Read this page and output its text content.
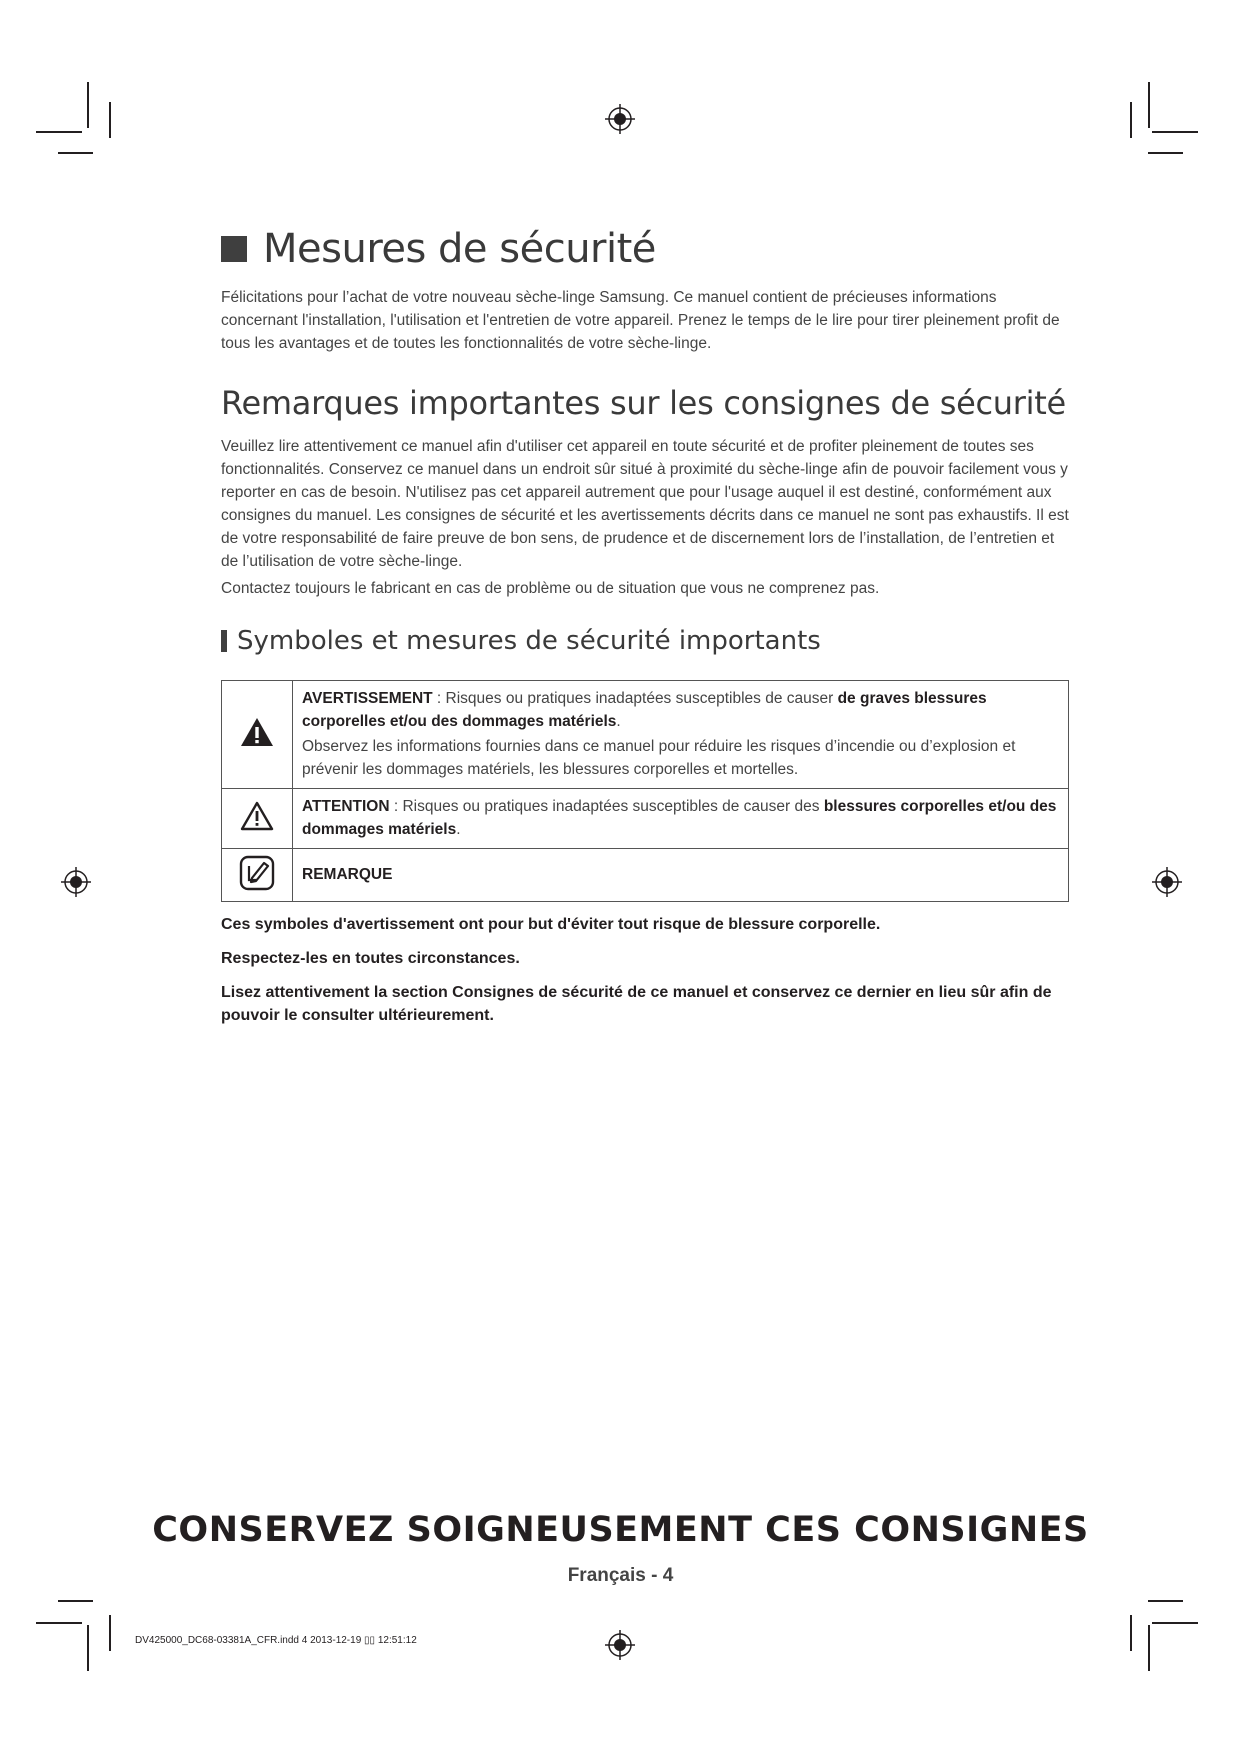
Mesures de sécurité

Félicitations pour l’achat de votre nouveau sèche-linge Samsung. Ce manuel contient de précieuses informations concernant l'installation, l'utilisation et l'entretien de votre appareil. Prenez le temps de le lire pour tirer pleinement profit de tous les avantages et de toutes les fonctionnalités de votre sèche-linge.

Remarques importantes sur les consignes de sécurité

Veuillez lire attentivement ce manuel afin d'utiliser cet appareil en toute sécurité et de profiter pleinement de toutes ses fonctionnalités. Conservez ce manuel dans un endroit sûr situé à proximité du sèche-linge afin de pouvoir facilement vous y reporter en cas de besoin. N'utilisez pas cet appareil autrement que pour l'usage auquel il est destiné, conformément aux consignes du manuel. Les consignes de sécurité et les avertissements décrits dans ce manuel ne sont pas exhaustifs. Il est de votre responsabilité de faire preuve de bon sens, de prudence et de discernement lors de l’installation, de l’entretien et de l’utilisation de votre sèche-linge.

Contactez toujours le fabricant en cas de problème ou de situation que vous ne comprenez pas.

Symboles et mesures de sécurité importants
	AVERTISSEMENT : Risques ou pratiques inadaptées susceptibles de causer de graves blessures corporelles et/ou des dommages matériels.
Observez les informations fournies dans ce manuel pour réduire les risques d’incendie ou d’explosion et prévenir les dommages matériels, les blessures corporelles et mortelles.

	ATTENTION : Risques ou pratiques inadaptées susceptibles de causer des blessures corporelles et/ou des dommages matériels.
	REMARQUE

Ces symboles d'avertissement ont pour but d'éviter tout risque de blessure corporelle.

Respectez-les en toutes circonstances.

Lisez attentivement la section Consignes de sécurité de ce manuel et conservez ce dernier en lieu sûr afin de pouvoir le consulter ultérieurement.

CONSERVEZ SOIGNEUSEMENT CES CONSIGNES
Français - 4
DV425000_DC68-03381A_CFR.indd 4 2013-12-19 ▯▯ 12:51:12
